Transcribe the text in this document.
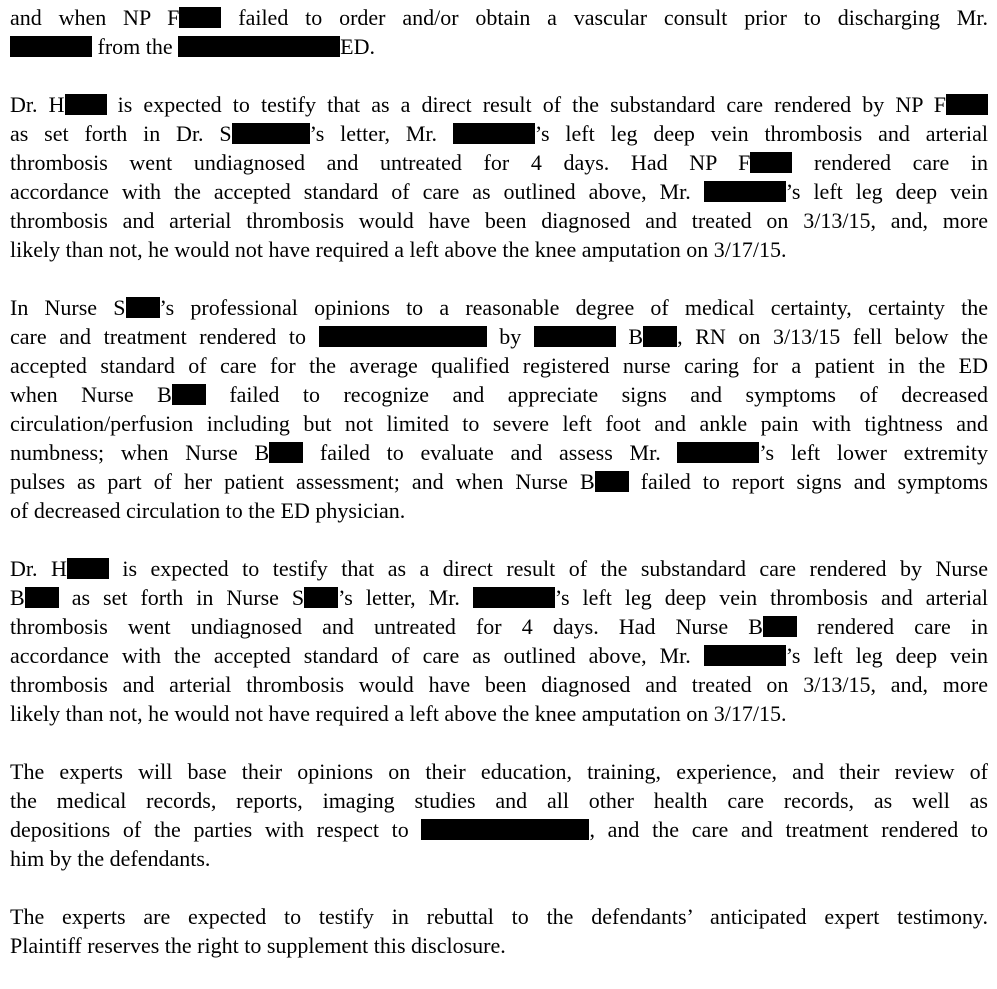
and when NP F failed to order and/or obtain a vascular consult prior to discharging Mr.
from the	ED.
Dr. H is expected to testify that as a direct result of the substandard care rendered by NP F
as set forth in Dr. S	’s letter, Mr.	’s left leg deep vein thrombosis and arterial
thrombosis went undiagnosed and untreated for 4 days. Had NP F rendered care in
accordance with the accepted standard of care as outlined above, Mr.	’s left leg deep vein
thrombosis and arterial thrombosis would have been diagnosed and treated on 3/13/15, and, more
likely than not, he would not have required a left above the knee amputation on 3/17/15.
In Nurse S ’s professional opinions to a reasonable degree of medical certainty, certainty the
care and treatment rendered to	by	B , RN on 3/13/15 fell below the
accepted standard of care for the average qualified registered nurse caring for a patient in the ED
when Nurse B failed to recognize and appreciate signs and symptoms of decreased
circulation/perfusion including but not limited to severe left foot and ankle pain with tightness and
numbness; when Nurse B failed to evaluate and assess Mr.	’s left lower extremity
pulses as part of her patient assessment; and when Nurse B failed to report signs and symptoms
of decreased circulation to the ED physician.
Dr. H is expected to testify that as a direct result of the substandard care rendered by Nurse
B as set forth in Nurse S ’s letter, Mr.	’s left leg deep vein thrombosis and arterial
thrombosis went undiagnosed and untreated for 4 days. Had Nurse B rendered care in
accordance with the accepted standard of care as outlined above, Mr.	’s left leg deep vein
thrombosis and arterial thrombosis would have been diagnosed and treated on 3/13/15, and, more
likely than not, he would not have required a left above the knee amputation on 3/17/15.
The experts will base their opinions on their education, training, experience, and their review of
the medical records, reports, imaging studies and all other health care records, as well as
depositions of the parties with respect to	, and the care and treatment rendered to
him by the defendants.
The experts are expected to testify in rebuttal to the defendants’ anticipated expert testimony.
Plaintiff reserves the right to supplement this disclosure.
